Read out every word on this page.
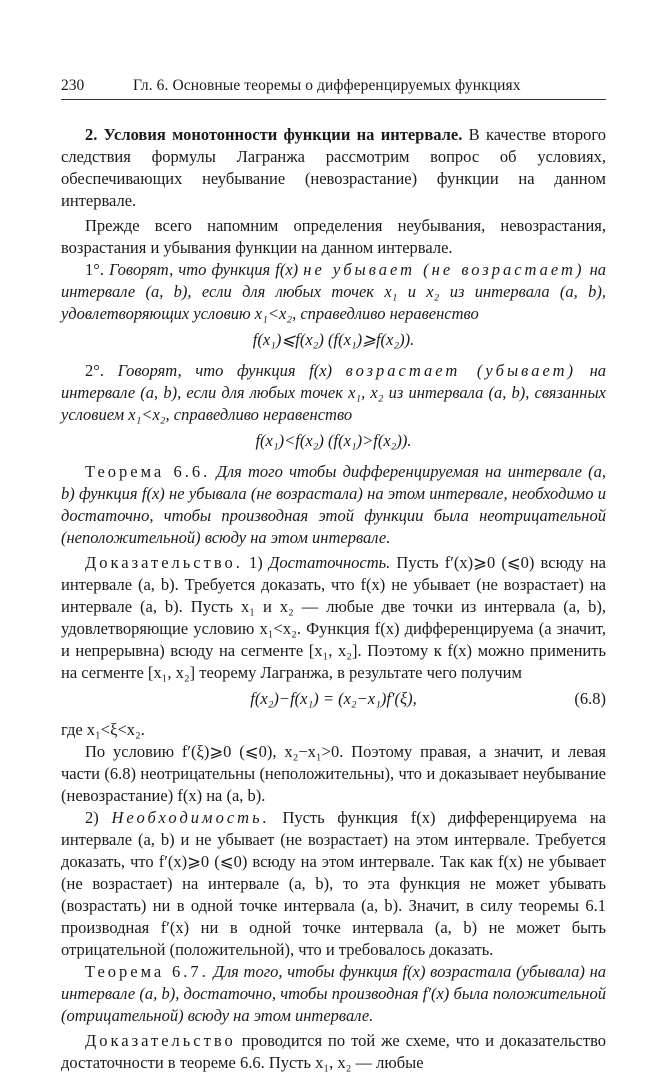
230	Гл. 6. Основные теоремы о дифференцируемых функциях

2. Условия монотонности функции на интервале. В качестве второго следствия формулы Лагранжа рассмотрим вопрос об условиях, обеспечивающих неубывание (невозрастание) функции на данном интервале.

Прежде всего напомним определения неубывания, невозрастания, возрастания и убывания функции на данном интервале.

1°. Говорят, что функция f(x) не убывает (не возрастает) на интервале (a, b), если для любых точек x₁ и x₂ из интервала (a, b), удовлетворяющих условию x₁<x₂, справедливо неравенство

f(x₁)⩽f(x₂) (f(x₁)⩾f(x₂)).

2°. Говорят, что функция f(x) возрастает (убывает) на интервале (a, b), если для любых точек x₁, x₂ из интервала (a, b), связанных условием x₁<x₂, справедливо неравенство

f(x₁)<f(x₂) (f(x₁)>f(x₂)).

Теорема 6.6. Для того чтобы дифференцируемая на интервале (a, b) функция f(x) не убывала (не возрастала) на этом интервале, необходимо и достаточно, чтобы производная этой функции была неотрицательной (неположительной) всюду на этом интервале.

Доказательство. 1) Достаточность. Пусть f′(x)⩾0 (⩽0) всюду на интервале (a, b). Требуется доказать, что f(x) не убывает (не возрастает) на интервале (a, b). Пусть x₁ и x₂ — любые две точки из интервала (a, b), удовлетворяющие условию x₁<x₂. Функция f(x) дифференцируема (а значит, и непрерывна) всюду на сегменте [x₁, x₂]. Поэтому к f(x) можно применить на сегменте [x₁, x₂] теорему Лагранжа, в результате чего получим

f(x₂)−f(x₁) = (x₂−x₁)f′(ξ),	(6.8)

где x₁<ξ<x₂.

По условию f′(ξ)⩾0 (⩽0), x₂−x₁>0. Поэтому правая, а значит, и левая части (6.8) неотрицательны (неположительны), что и доказывает неубывание (невозрастание) f(x) на (a, b).

2) Необходимость. Пусть функция f(x) дифференцируема на интервале (a, b) и не убывает (не возрастает) на этом интервале. Требуется доказать, что f′(x)⩾0 (⩽0) всюду на этом интервале. Так как f(x) не убывает (не возрастает) на интервале (a, b), то эта функция не может убывать (возрастать) ни в одной точке интервала (a, b). Значит, в силу теоремы 6.1 производная f′(x) ни в одной точке интервала (a, b) не может быть отрицательной (положительной), что и требовалось доказать.

Теорема 6.7. Для того, чтобы функция f(x) возрастала (убывала) на интервале (a, b), достаточно, чтобы производная f′(x) была положительной (отрицательной) всюду на этом интервале.

Доказательство проводится по той же схеме, что и доказательство достаточности в теореме 6.6. Пусть x₁, x₂ — любые
